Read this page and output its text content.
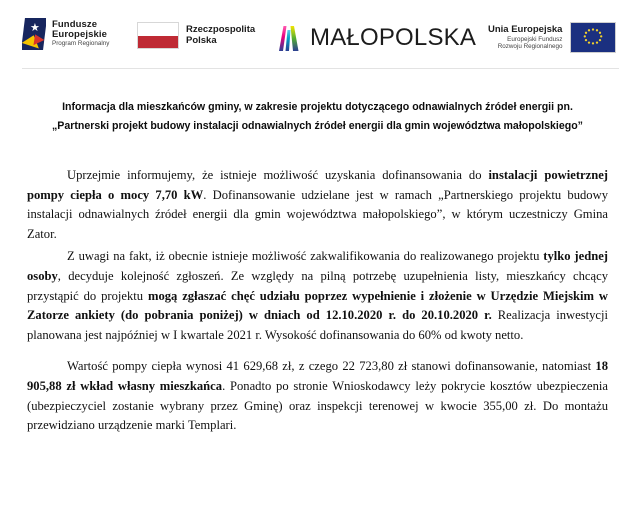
Fundusze
Europejskie
Program Regionalny
Rzeczpospolita
Polska	MAŁOPOLSKA Unia Europejska
Europejski Fundusz
Rozwoju Regionalnego
Informacja dla mieszkańców gminy, w zakresie projektu dotyczącego odnawialnych źródeł energii pn. „Partnerski projekt budowy instalacji odnawialnych źródeł energii dla gmin województwa małopolskiego”

Uprzejmie informujemy, że istnieje możliwość uzyskania dofinansowania do instalacji powietrznej pompy ciepła o mocy 7,70 kW. Dofinansowanie udzielane jest w ramach „Partnerskiego projektu budowy instalacji odnawialnych źródeł energii dla gmin województwa małopolskiego”, w którym uczestniczy Gmina Zator.

Z uwagi na fakt, iż obecnie istnieje możliwość zakwalifikowania do realizowanego projektu tylko jednej osoby, decyduje kolejność zgłoszeń. Ze względy na pilną potrzebę uzupełnienia listy, mieszkańcy chcący przystąpić do projektu mogą zgłaszać chęć udziału poprzez wypełnienie i złożenie w Urzędzie Miejskim w Zatorze ankiety (do pobrania poniżej) w dniach od 12.10.2020 r. do 20.10.2020 r. Realizacja inwestycji planowana jest najpóźniej w I kwartale 2021 r. Wysokość dofinansowania do 60% od kwoty netto.

Wartość pompy ciepła wynosi 41 629,68 zł, z czego 22 723,80 zł stanowi dofinansowanie, natomiast 18 905,88 zł wkład własny mieszkańca. Ponadto po stronie Wnioskodawcy leży pokrycie kosztów ubezpieczenia (ubezpieczyciel zostanie wybrany przez Gminę) oraz inspekcji terenowej w kwocie 355,00 zł. Do montażu przewidziano urządzenie marki Templari.
